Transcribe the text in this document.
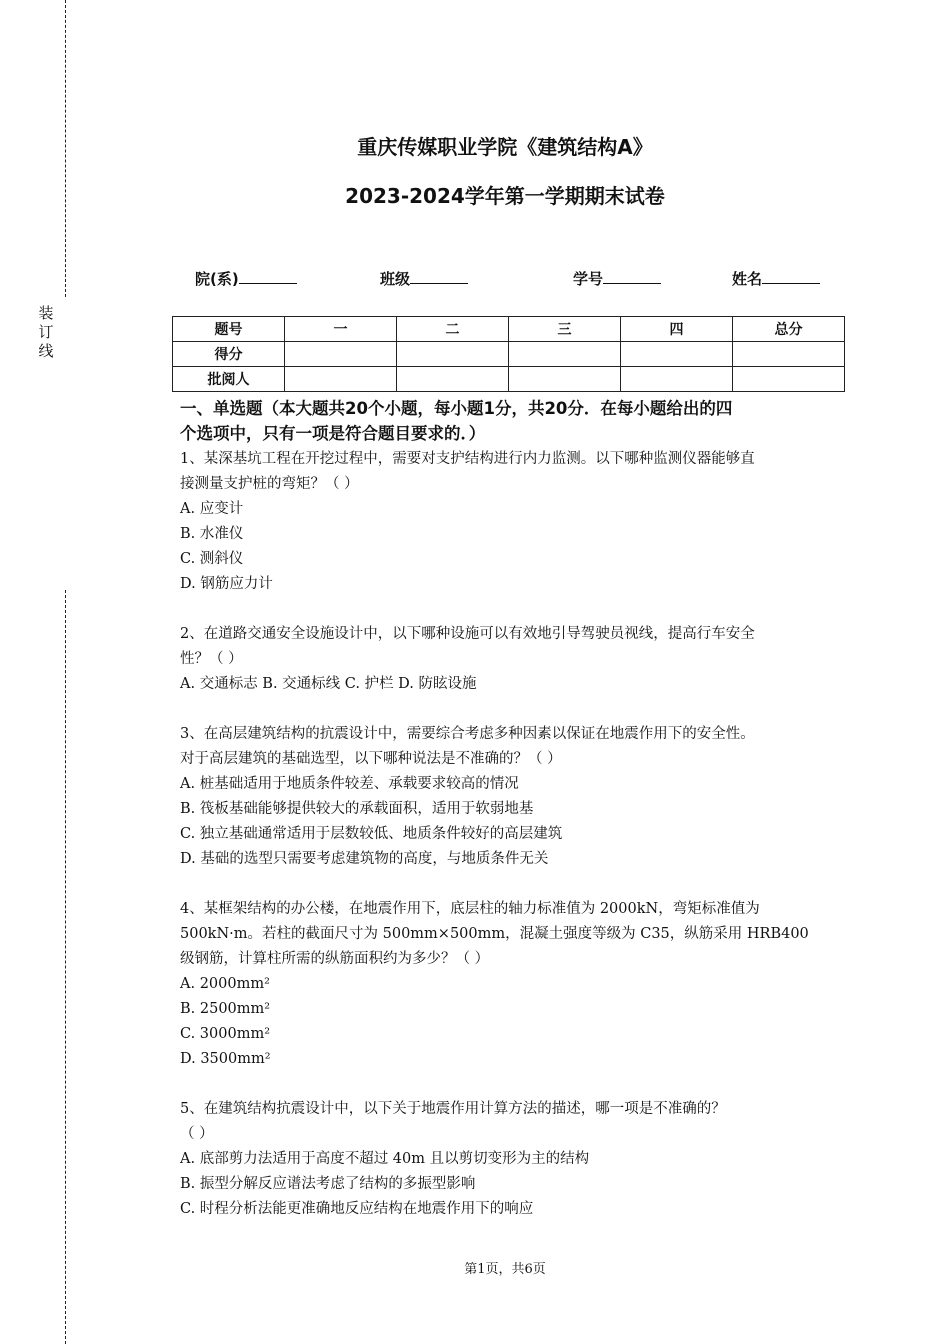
装
订
线
重庆传媒职业学院《建筑结构A》
2023-2024学年第一学期期末试卷
院(系)	班级	学号	姓名
题号	一	二	三	四	总分
得分					
批阅人					
一、单选题（本大题共20个小题，每小题1分，共20分．在每小题给出的四
个选项中，只有一项是符合题目要求的．）

1、某深基坑工程在开挖过程中，需要对支护结构进行内力监测。以下哪种监测仪器能够直

接测量支护桩的弯矩？（ ）

A. 应变计

B. 水准仪

C. 测斜仪

D. 钢筋应力计

2、在道路交通安全设施设计中，以下哪种设施可以有效地引导驾驶员视线，提高行车安全

性？（ ）

A. 交通标志 B. 交通标线 C. 护栏 D. 防眩设施

3、在高层建筑结构的抗震设计中，需要综合考虑多种因素以保证在地震作用下的安全性。

对于高层建筑的基础选型，以下哪种说法是不准确的？（ ）

A. 桩基础适用于地质条件较差、承载要求较高的情况

B. 筏板基础能够提供较大的承载面积，适用于软弱地基

C. 独立基础通常适用于层数较低、地质条件较好的高层建筑

D. 基础的选型只需要考虑建筑物的高度，与地质条件无关

4、某框架结构的办公楼，在地震作用下，底层柱的轴力标准值为 2000kN，弯矩标准值为

500kN·m。若柱的截面尺寸为 500mm×500mm，混凝土强度等级为 C35，纵筋采用 HRB400

级钢筋，计算柱所需的纵筋面积约为多少？（ ）

A. 2000mm²

B. 2500mm²

C. 3000mm²

D. 3500mm²

5、在建筑结构抗震设计中，以下关于地震作用计算方法的描述，哪一项是不准确的？

（ ）

A. 底部剪力法适用于高度不超过 40m 且以剪切变形为主的结构

B. 振型分解反应谱法考虑了结构的多振型影响

C. 时程分析法能更准确地反应结构在地震作用下的响应

第1页，共6页
